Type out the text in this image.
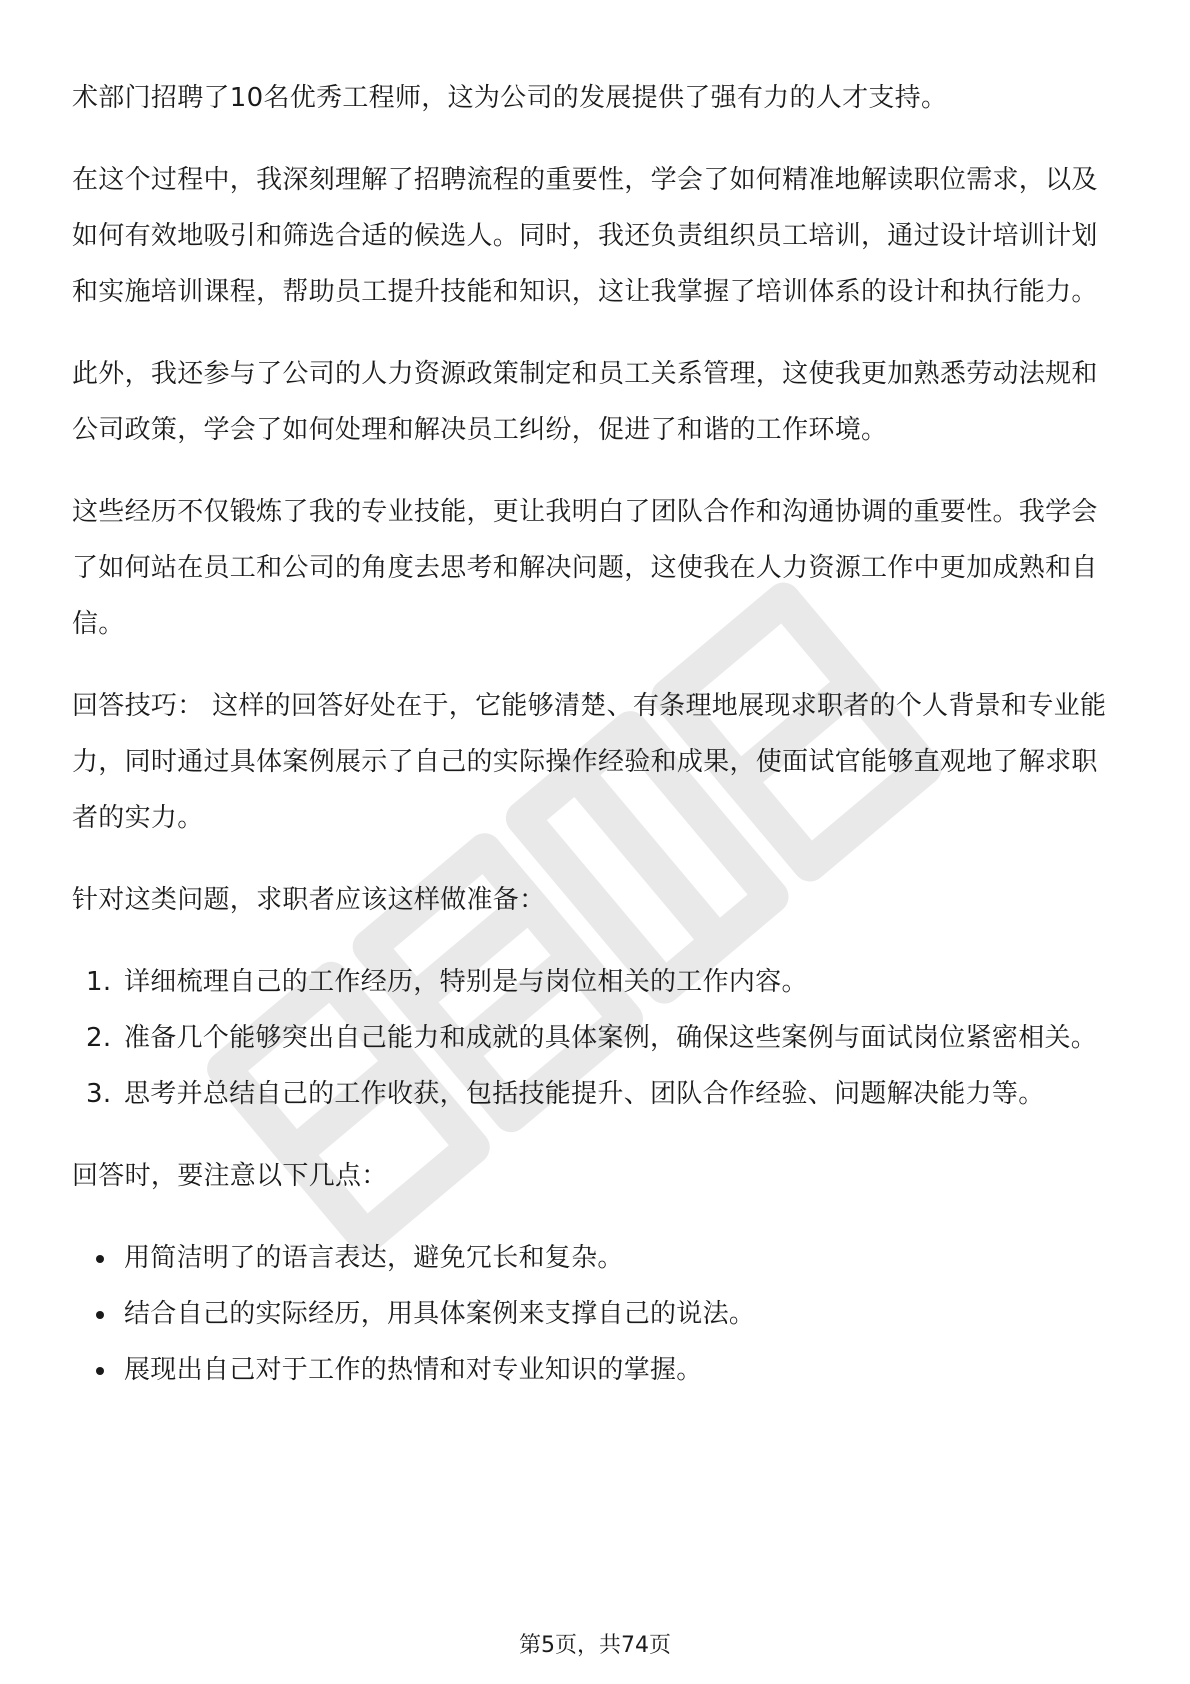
术部门招聘了10名优秀工程师，这为公司的发展提供了强有力的人才支持。

在这个过程中，我深刻理解了招聘流程的重要性，学会了如何精准地解读职位需求，以及如何有效地吸引和筛选合适的候选人。同时，我还负责组织员工培训，通过设计培训计划和实施培训课程，帮助员工提升技能和知识，这让我掌握了培训体系的设计和执行能力。

此外，我还参与了公司的人力资源政策制定和员工关系管理，这使我更加熟悉劳动法规和公司政策，学会了如何处理和解决员工纠纷，促进了和谐的工作环境。

这些经历不仅锻炼了我的专业技能，更让我明白了团队合作和沟通协调的重要性。我学会了如何站在员工和公司的角度去思考和解决问题，这使我在人力资源工作中更加成熟和自信。

回答技巧： 这样的回答好处在于，它能够清楚、有条理地展现求职者的个人背景和专业能力，同时通过具体案例展示了自己的实际操作经验和成果，使面试官能够直观地了解求职者的实力。

针对这类问题，求职者应该这样做准备：

1. 详细梳理自己的工作经历，特别是与岗位相关的工作内容。
2. 准备几个能够突出自己能力和成就的具体案例，确保这些案例与面试岗位紧密相关。
3. 思考并总结自己的工作收获，包括技能提升、团队合作经验、问题解决能力等。

回答时，要注意以下几点：

用简洁明了的语言表达，避免冗长和复杂。
结合自己的实际经历，用具体案例来支撑自己的说法。
展现出自己对于工作的热情和对专业知识的掌握。
第5页，共74页
